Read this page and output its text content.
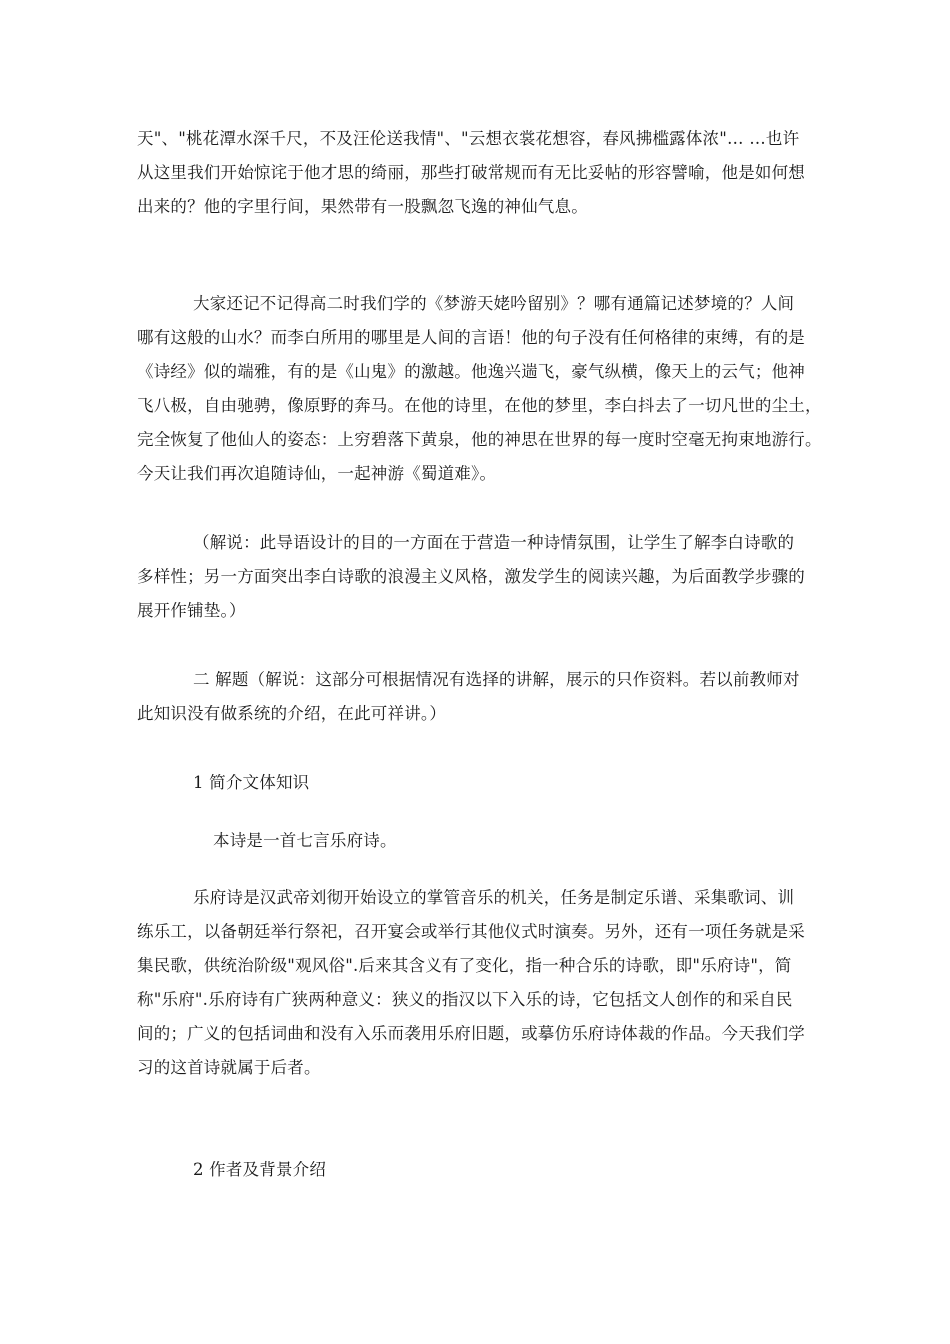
天"、"桃花潭水深千尺，不及汪伦送我情"、"云想衣裳花想容，春风拂槛露体浓"… …也许
从这里我们开始惊诧于他才思的绮丽，那些打破常规而有无比妥帖的形容譬喻，他是如何想
出来的？他的字里行间，果然带有一股飘忽飞逸的神仙气息。
大家还记不记得高二时我们学的《梦游天姥吟留别》？哪有通篇记述梦境的？人间
哪有这般的山水？而李白所用的哪里是人间的言语！他的句子没有任何格律的束缚，有的是
《诗经》似的端雅，有的是《山鬼》的激越。他逸兴遄飞，豪气纵横，像天上的云气；他神
飞八极，自由驰骋，像原野的奔马。在他的诗里，在他的梦里，李白抖去了一切凡世的尘土，
完全恢复了他仙人的姿态：上穷碧落下黄泉，他的神思在世界的每一度时空毫无拘束地游行。
今天让我们再次追随诗仙，一起神游《蜀道难》。
（解说：此导语设计的目的一方面在于营造一种诗情氛围，让学生了解李白诗歌的
多样性；另一方面突出李白诗歌的浪漫主义风格，激发学生的阅读兴趣，为后面教学步骤的
展开作铺垫。）
二 解题（解说：这部分可根据情况有选择的讲解，展示的只作资料。若以前教师对
此知识没有做系统的介绍，在此可祥讲。）
1 简介文体知识
本诗是一首七言乐府诗。
乐府诗是汉武帝刘彻开始设立的掌管音乐的机关，任务是制定乐谱、采集歌词、训
练乐工，以备朝廷举行祭祀，召开宴会或举行其他仪式时演奏。另外，还有一项任务就是采
集民歌，供统治阶级"观风俗".后来其含义有了变化，指一种合乐的诗歌，即"乐府诗"，简
称"乐府".乐府诗有广狭两种意义：狭义的指汉以下入乐的诗，它包括文人创作的和采自民
间的；广义的包括词曲和没有入乐而袭用乐府旧题，或摹仿乐府诗体裁的作品。今天我们学
习的这首诗就属于后者。
2 作者及背景介绍
